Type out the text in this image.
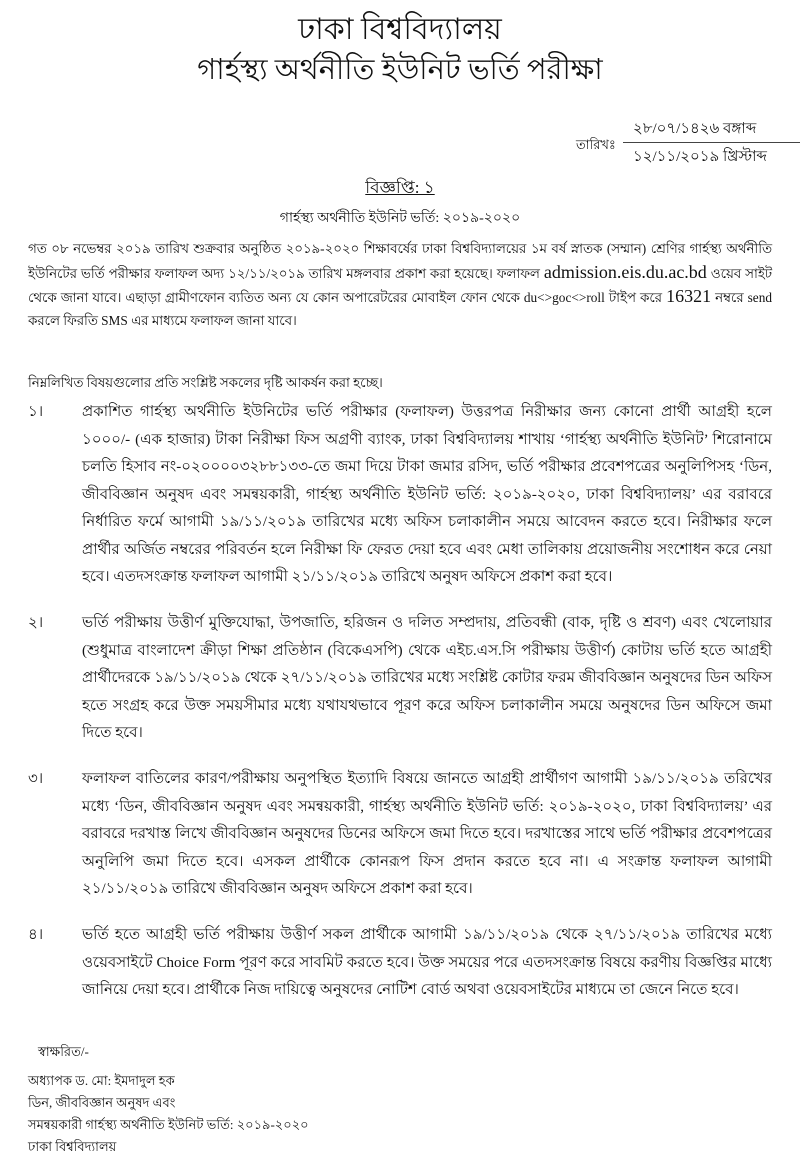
ঢাকা বিশ্ববিদ্যালয়
গার্হস্থ্য অর্থনীতি ইউনিট ভর্তি পরীক্ষা
তারিখঃ
২৮/০৭/১৪২৬ বঙ্গাব্দ
১২/১১/২০১৯ খ্রিস্টাব্দ
বিজ্ঞপ্তি: ১
গার্হস্থ্য অর্থনীতি ইউনিট ভর্তি: ২০১৯-২০২০
গত ০৮ নভেম্বর ২০১৯ তারিখ শুক্রবার অনুষ্ঠিত ২০১৯-২০২০ শিক্ষাবর্ষের ঢাকা বিশ্ববিদ্যালয়ের ১ম বর্ষ স্নাতক (সম্মান) শ্রেণির গার্হস্থ্য অর্থনীতি ইউনিটের ভর্তি পরীক্ষার ফলাফল অদ্য ১২/১১/২০১৯ তারিখ মঙ্গলবার প্রকাশ করা হয়েছে। ফলাফল admission.eis.du.ac.bd ওয়েব সাইট থেকে জানা যাবে। এছাড়া গ্রামীণফোন ব্যতিত অন্য যে কোন অপারেটরের মোবাইল ফোন থেকে du<>goc<>roll টাইপ করে 16321 নম্বরে send করলে ফিরতি SMS এর মাধ্যমে ফলাফল জানা যাবে।
নিম্নলিখিত বিষয়গুলোর প্রতি সংশ্লিষ্ট সকলের দৃষ্টি আকর্ষন করা হচ্ছে।
১।	প্রকাশিত গার্হস্থ্য অর্থনীতি ইউনিটের ভর্তি পরীক্ষার (ফলাফল) উত্তরপত্র নিরীক্ষার জন্য কোনো প্রার্থী আগ্রহী হলে ১০০০/- (এক হাজার) টাকা নিরীক্ষা ফিস অগ্রণী ব্যাংক, ঢাকা বিশ্ববিদ্যালয় শাখায় ‘গার্হস্থ্য অর্থনীতি ইউনিট’ শিরোনামে চলতি হিসাব নং-০২০০০০৩২৮৮১৩৩-তে জমা দিয়ে টাকা জমার রসিদ, ভর্তি পরীক্ষার প্রবেশপত্রের অনুলিপিসহ ‘ডিন, জীববিজ্ঞান অনুষদ এবং সমন্বয়কারী, গার্হস্থ্য অর্থনীতি ইউনিট ভর্তি: ২০১৯-২০২০, ঢাকা বিশ্ববিদ্যালয়’ এর বরাবরে নির্ধারিত ফর্মে আগামী ১৯/১১/২০১৯ তারিখের মধ্যে অফিস চলাকালীন সময়ে আবেদন করতে হবে। নিরীক্ষার ফলে প্রার্থীর অর্জিত নম্বরের পরিবর্তন হলে নিরীক্ষা ফি ফেরত দেয়া হবে এবং মেধা তালিকায় প্রয়োজনীয় সংশোধন করে নেয়া হবে। এতদসংক্রান্ত ফলাফল আগামী ২১/১১/২০১৯ তারিখে অনুষদ অফিসে প্রকাশ করা হবে।
২।	ভর্তি পরীক্ষায় উত্তীর্ণ মুক্তিযোদ্ধা, উপজাতি, হরিজন ও দলিত সম্প্রদায়, প্রতিবন্ধী (বাক, দৃষ্টি ও শ্রবণ) এবং খেলোয়ার (শুধুমাত্র বাংলাদেশ ক্রীড়া শিক্ষা প্রতিষ্ঠান (বিকেএসপি) থেকে এইচ.এস.সি পরীক্ষায় উত্তীর্ণ) কোটায় ভর্তি হতে আগ্রহী প্রার্থীদেরকে ১৯/১১/২০১৯ থেকে ২৭/১১/২০১৯ তারিখের মধ্যে সংশ্লিষ্ট কোটার ফরম জীববিজ্ঞান অনুষদের ডিন অফিস হতে সংগ্রহ করে উক্ত সময়সীমার মধ্যে যথাযথভাবে পূরণ করে অফিস চলাকালীন সময়ে অনুষদের ডিন অফিসে জমা দিতে হবে।
৩।	ফলাফল বাতিলের কারণ/পরীক্ষায় অনুপস্থিত ইত্যাদি বিষয়ে জানতে আগ্রহী প্রার্থীগণ আগামী ১৯/১১/২০১৯ তরিখের মধ্যে ‘ডিন, জীববিজ্ঞান অনুষদ এবং সমন্বয়কারী, গার্হস্থ্য অর্থনীতি ইউনিট ভর্তি: ২০১৯-২০২০, ঢাকা বিশ্ববিদ্যালয়’ এর বরাবরে দরখাস্ত লিখে জীববিজ্ঞান অনুষদের ডিনের অফিসে জমা দিতে হবে। দরখাস্তের সাথে ভর্তি পরীক্ষার প্রবেশপত্রের অনুলিপি জমা দিতে হবে। এসকল প্রার্থীকে কোনরূপ ফিস প্রদান করতে হবে না। এ সংক্রান্ত ফলাফল আগামী ২১/১১/২০১৯ তারিখে জীববিজ্ঞান অনুষদ অফিসে প্রকাশ করা হবে।
৪।	ভর্তি হতে আগ্রহী ভর্তি পরীক্ষায় উত্তীর্ণ সকল প্রার্থীকে আগামী ১৯/১১/২০১৯ থেকে ২৭/১১/২০১৯ তারিখের মধ্যে ওয়েবসাইটে Choice Form পূরণ করে সাবমিট করতে হবে। উক্ত সময়ের পরে এতদসংক্রান্ত বিষয়ে করণীয় বিজ্ঞপ্তির মাধ্যে জানিয়ে দেয়া হবে। প্রার্থীকে নিজ দায়িত্বে অনুষদের নোটিশ বোর্ড অথবা ওয়েবসাইটের মাধ্যমে তা জেনে নিতে হবে।
স্বাক্ষরিত/-
অধ্যাপক ড. মো: ইমদাদুল হক
ডিন, জীববিজ্ঞান অনুষদ এবং
সমন্বয়কারী গার্হস্থ্য অর্থনীতি ইউনিট ভর্তি: ২০১৯-২০২০
ঢাকা বিশ্ববিদ্যালয়
